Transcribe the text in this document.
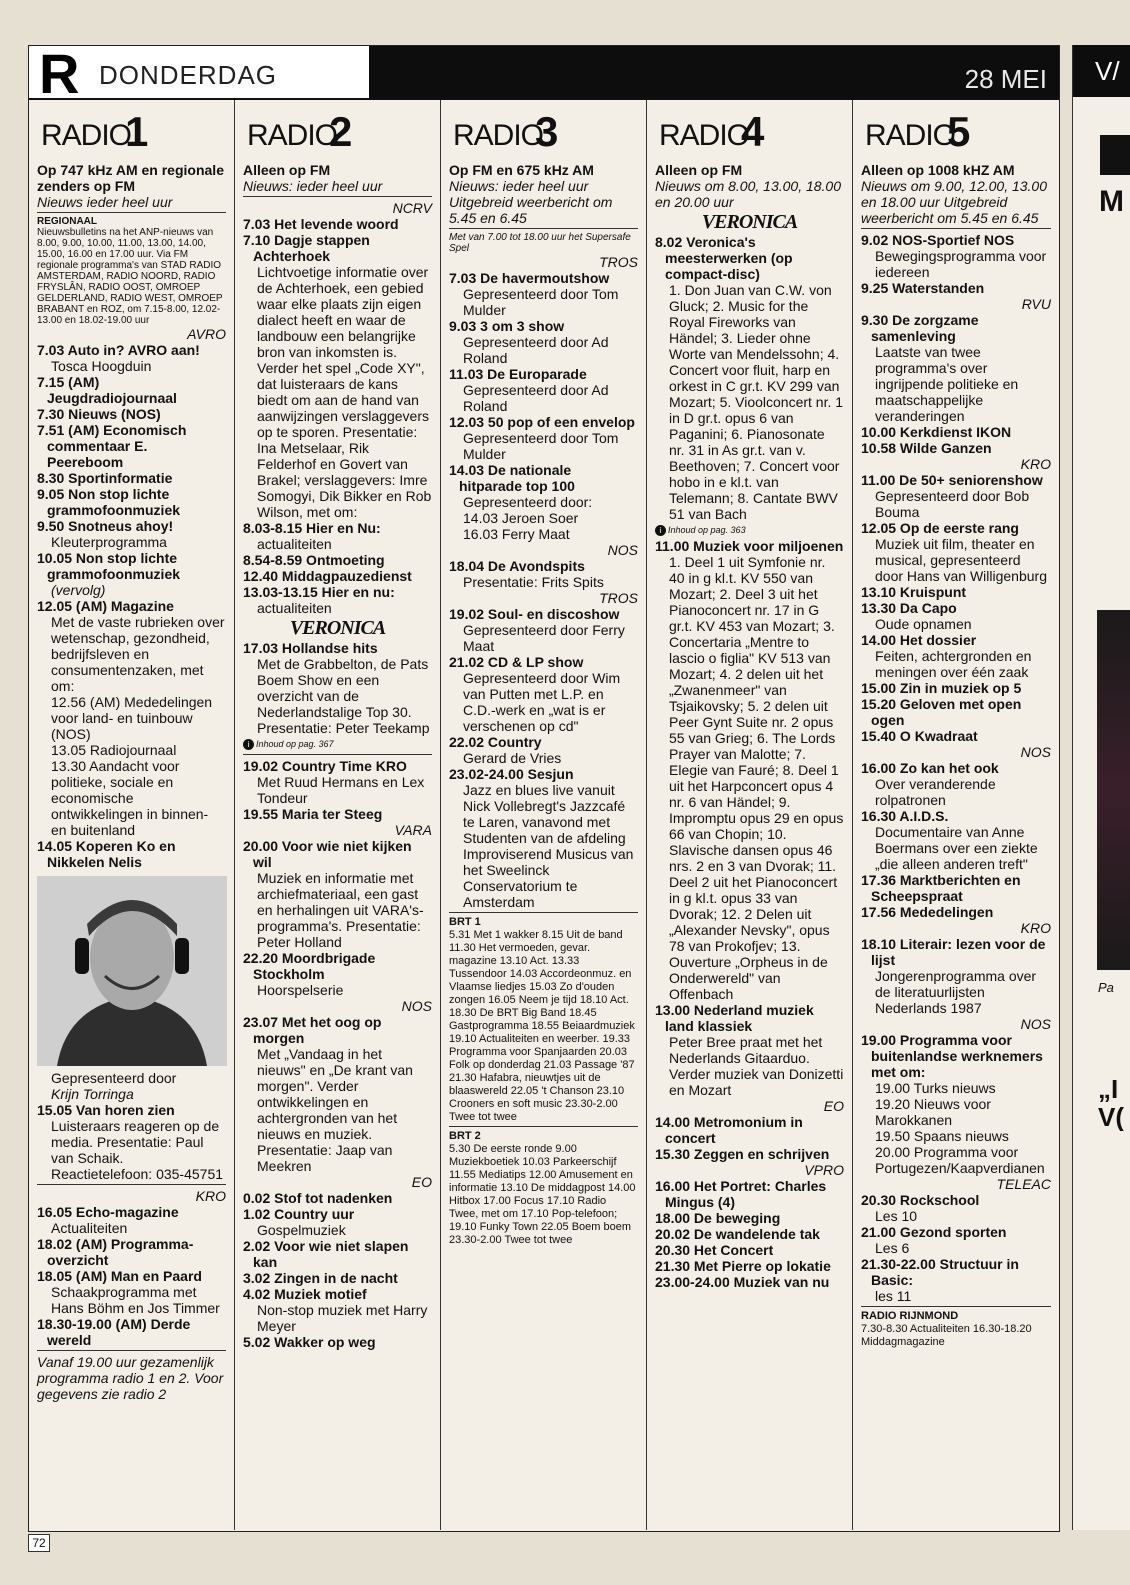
R DONDERDAG	28 MEI
RADIO
1
Op 747 kHz AM en regionale zenders op FM
Nieuws ieder heel uur
REGIONAAL
Nieuwsbulletins na het ANP-nieuws van 8.00, 9.00, 10.00, 11.00, 13.00, 14.00, 15.00, 16.00 en 17.00 uur. Via FM regionale programma's van STAD RADIO AMSTERDAM, RADIO NOORD, RADIO FRYSLÂN, RADIO OOST, OMROEP GELDERLAND, RADIO WEST, OMROEP BRABANT en ROZ, om 7.15-8.00, 12.02-13.00 en 18.02-19.00 uur
AVRO

7.03 Auto in? AVRO aan!

Tosca Hoogduin

7.15 (AM) Jeugdradiojournaal

7.30 Nieuws (NOS)

7.51 (AM) Economisch commentaar E. Peereboom

8.30 Sportinformatie

9.05 Non stop lichte grammofoonmuziek

9.50 Snotneus ahoy!

Kleuterprogramma

10.05 Non stop lichte grammofoonmuziek

(vervolg)

12.05 (AM) Magazine

Met de vaste rubrieken over wetenschap, gezondheid, bedrijfsleven en consumentenzaken, met om:

12.56 (AM) Mededelingen voor land- en tuinbouw (NOS)

13.05 Radiojournaal

13.30 Aandacht voor politieke, sociale en economische ontwikkelingen in binnen- en buitenland

14.05 Koperen Ko en Nikkelen Nelis

Gepresenteerd door

Krijn Torringa

15.05 Van horen zien

Luisteraars reageren op de media. Presentatie: Paul van Schaik. Reactietelefoon: 035-45751

KRO

16.05 Echo-magazine

Actualiteiten

18.02 (AM) Programma-overzicht

18.05 (AM) Man en Paard

Schaakprogramma met Hans Böhm en Jos Timmer

18.30-19.00 (AM) Derde wereld

Vanaf 19.00 uur gezamenlijk programma radio 1 en 2. Voor gegevens zie radio 2
RADIO
2
Alleen op FM
Nieuws: ieder heel uur
NCRV

7.03 Het levende woord

7.10 Dagje stappen Achterhoek

Lichtvoetige informatie over de Achterhoek, een gebied waar elke plaats zijn eigen dialect heeft en waar de landbouw een belangrijke bron van inkomsten is. Verder het spel „Code XY", dat luisteraars de kans biedt om aan de hand van aanwijzingen verslaggevers op te sporen. Presentatie: Ina Metselaar, Rik Felderhof en Govert van Brakel; verslaggevers: Imre Somogyi, Dik Bikker en Rob Wilson, met om:

8.03-8.15 Hier en Nu:

actualiteiten

8.54-8.59 Ontmoeting

12.40 Middagpauzedienst

13.03-13.15 Hier en nu:

actualiteiten

VERONICA

17.03 Hollandse hits

Met de Grabbelton, de Pats Boem Show en een overzicht van de Nederlandstalige Top 30. Presentatie: Peter Teekamp

i Inhoud op pag. 367

19.02 Country Time KRO

Met Ruud Hermans en Lex Tondeur

19.55 Maria ter Steeg

VARA

20.00 Voor wie niet kijken wil

Muziek en informatie met archiefmateriaal, een gast en herhalingen uit VARA's-programma's. Presentatie: Peter Holland

22.20 Moordbrigade Stockholm

Hoorspelserie

NOS

23.07 Met het oog op morgen

Met „Vandaag in het nieuws" en „De krant van morgen". Verder ontwikkelingen en achtergronden van het nieuws en muziek. Presentatie: Jaap van Meekren

EO

0.02 Stof tot nadenken

1.02 Country uur

Gospelmuziek

2.02 Voor wie niet slapen kan

3.02 Zingen in de nacht

4.02 Muziek motief

Non-stop muziek met Harry Meyer

5.02 Wakker op weg

RADIO
3
Op FM en 675 kHz AM
Nieuws: ieder heel uur Uitgebreid weerbericht om 5.45 en 6.45
Met van 7.00 tot 18.00 uur het Supersafe Spel
TROS

7.03 De havermoutshow

Gepresenteerd door Tom Mulder

9.03 3 om 3 show

Gepresenteerd door Ad Roland

11.03 De Europarade

Gepresenteerd door Ad Roland

12.03 50 pop of een envelop

Gepresenteerd door Tom Mulder

14.03 De nationale hitparade top 100

Gepresenteerd door:

14.03 Jeroen Soer

16.03 Ferry Maat

NOS

18.04 De Avondspits

Presentatie: Frits Spits

TROS

19.02 Soul- en discoshow

Gepresenteerd door Ferry Maat

21.02 CD & LP show

Gepresenteerd door Wim van Putten met L.P. en C.D.-werk en „wat is er verschenen op cd"

22.02 Country

Gerard de Vries

23.02-24.00 Sesjun

Jazz en blues live vanuit Nick Vollebregt's Jazzcafé te Laren, vanavond met Studenten van de afdeling Improviserend Musicus van het Sweelinck Conservatorium te Amsterdam

BRT 1
5.31 Met 1 wakker 8.15 Uit de band 11.30 Het vermoeden, gevar. magazine 13.10 Act. 13.33 Tussendoor 14.03 Accordeonmuz. en Vlaamse liedjes 15.03 Zo d'ouden zongen 16.05 Neem je tijd 18.10 Act. 18.30 De BRT Big Band 18.45 Gastprogramma 18.55 Beiaardmuziek 19.10 Actualiteiten en weerber. 19.33 Programma voor Spanjaarden 20.03 Folk op donderdag 21.03 Passage '87 21.30 Hafabra, nieuwtjes uit de blaaswereld 22.05 't Chanson 23.10 Crooners en soft music 23.30-2.00 Twee tot twee
BRT 2
5.30 De eerste ronde 9.00 Muziekboetiek 10.03 Parkeerschijf 11.55 Mediatips 12.00 Amusement en informatie 13.10 De middagpost 14.00 Hitbox 17.00 Focus 17.10 Radio Twee, met om 17.10 Pop-telefoon; 19.10 Funky Town 22.05 Boem boem 23.30-2.00 Twee tot twee
RADIO
4
Alleen op FM
Nieuws om 8.00, 13.00, 18.00 en 20.00 uur
VERONICA

8.02 Veronica's meesterwerken (op compact-disc)

1. Don Juan van C.W. von Gluck; 2. Music for the Royal Fireworks van Händel; 3. Lieder ohne Worte van Mendelssohn; 4. Concert voor fluit, harp en orkest in C gr.t. KV 299 van Mozart; 5. Vioolconcert nr. 1 in D gr.t. opus 6 van Paganini; 6. Pianosonate nr. 31 in As gr.t. van v. Beethoven; 7. Concert voor hobo in e kl.t. van Telemann; 8. Cantate BWV 51 van Bach

i Inhoud op pag. 363

11.00 Muziek voor miljoenen

1. Deel 1 uit Symfonie nr. 40 in g kl.t. KV 550 van Mozart; 2. Deel 3 uit het Pianoconcert nr. 17 in G gr.t. KV 453 van Mozart; 3. Concertaria „Mentre to lascio o figlia" KV 513 van Mozart; 4. 2 delen uit het „Zwanenmeer" van Tsjaikovsky; 5. 2 delen uit Peer Gynt Suite nr. 2 opus 55 van Grieg; 6. The Lords Prayer van Malotte; 7. Elegie van Fauré; 8. Deel 1 uit het Harpconcert opus 4 nr. 6 van Händel; 9. Impromptu opus 29 en opus 66 van Chopin; 10. Slavische dansen opus 46 nrs. 2 en 3 van Dvorak; 11. Deel 2 uit het Pianoconcert in g kl.t. opus 33 van Dvorak; 12. 2 Delen uit „Alexander Nevsky", opus 78 van Prokofjev; 13. Ouverture „Orpheus in de Onderwereld" van Offenbach

13.00 Nederland muziek land klassiek

Peter Bree praat met het Nederlands Gitaarduo. Verder muziek van Donizetti en Mozart

EO

14.00 Metromonium in concert

15.30 Zeggen en schrijven

VPRO

16.00 Het Portret: Charles Mingus (4)

18.00 De beweging

20.02 De wandelende tak

20.30 Het Concert

21.30 Met Pierre op lokatie

23.00-24.00 Muziek van nu

RADIO
5
Alleen op 1008 kHZ AM
Nieuws om 9.00, 12.00, 13.00 en 18.00 uur Uitgebreid weerbericht om 5.45 en 6.45

9.02 NOS-Sportief NOS

Bewegingsprogramma voor iedereen

9.25 Waterstanden

RVU

9.30 De zorgzame samenleving

Laatste van twee programma's over ingrijpende politieke en maatschappelijke veranderingen

10.00 Kerkdienst IKON

10.58 Wilde Ganzen

KRO

11.00 De 50+ seniorenshow

Gepresenteerd door Bob Bouma

12.05 Op de eerste rang

Muziek uit film, theater en musical, gepresenteerd door Hans van Willigenburg

13.10 Kruispunt

13.30 Da Capo

Oude opnamen

14.00 Het dossier

Feiten, achtergronden en meningen over één zaak

15.00 Zin in muziek op 5

15.20 Geloven met open ogen

15.40 O Kwadraat

NOS

16.00 Zo kan het ook

Over veranderende rolpatronen

16.30 A.I.D.S.

Documentaire van Anne Boermans over een ziekte „die alleen anderen treft"

17.36 Marktberichten en Scheepspraat

17.56 Mededelingen

KRO

18.10 Literair: lezen voor de lijst

Jongerenprogramma over de literatuurlijsten Nederlands 1987

NOS

19.00 Programma voor buitenlandse werknemers met om:

19.00 Turks nieuws

19.20 Nieuws voor Marokkanen

19.50 Spaans nieuws

20.00 Programma voor Portugezen/Kaapverdianen

TELEAC

20.30 Rockschool

Les 10

21.00 Gezond sporten

Les 6

21.30-22.00 Structuur in Basic:

les 11

RADIO RIJNMOND
7.30-8.30 Actualiteiten 16.30-18.20 Middagmagazine
72
V/
M
Pa
„I
V(
